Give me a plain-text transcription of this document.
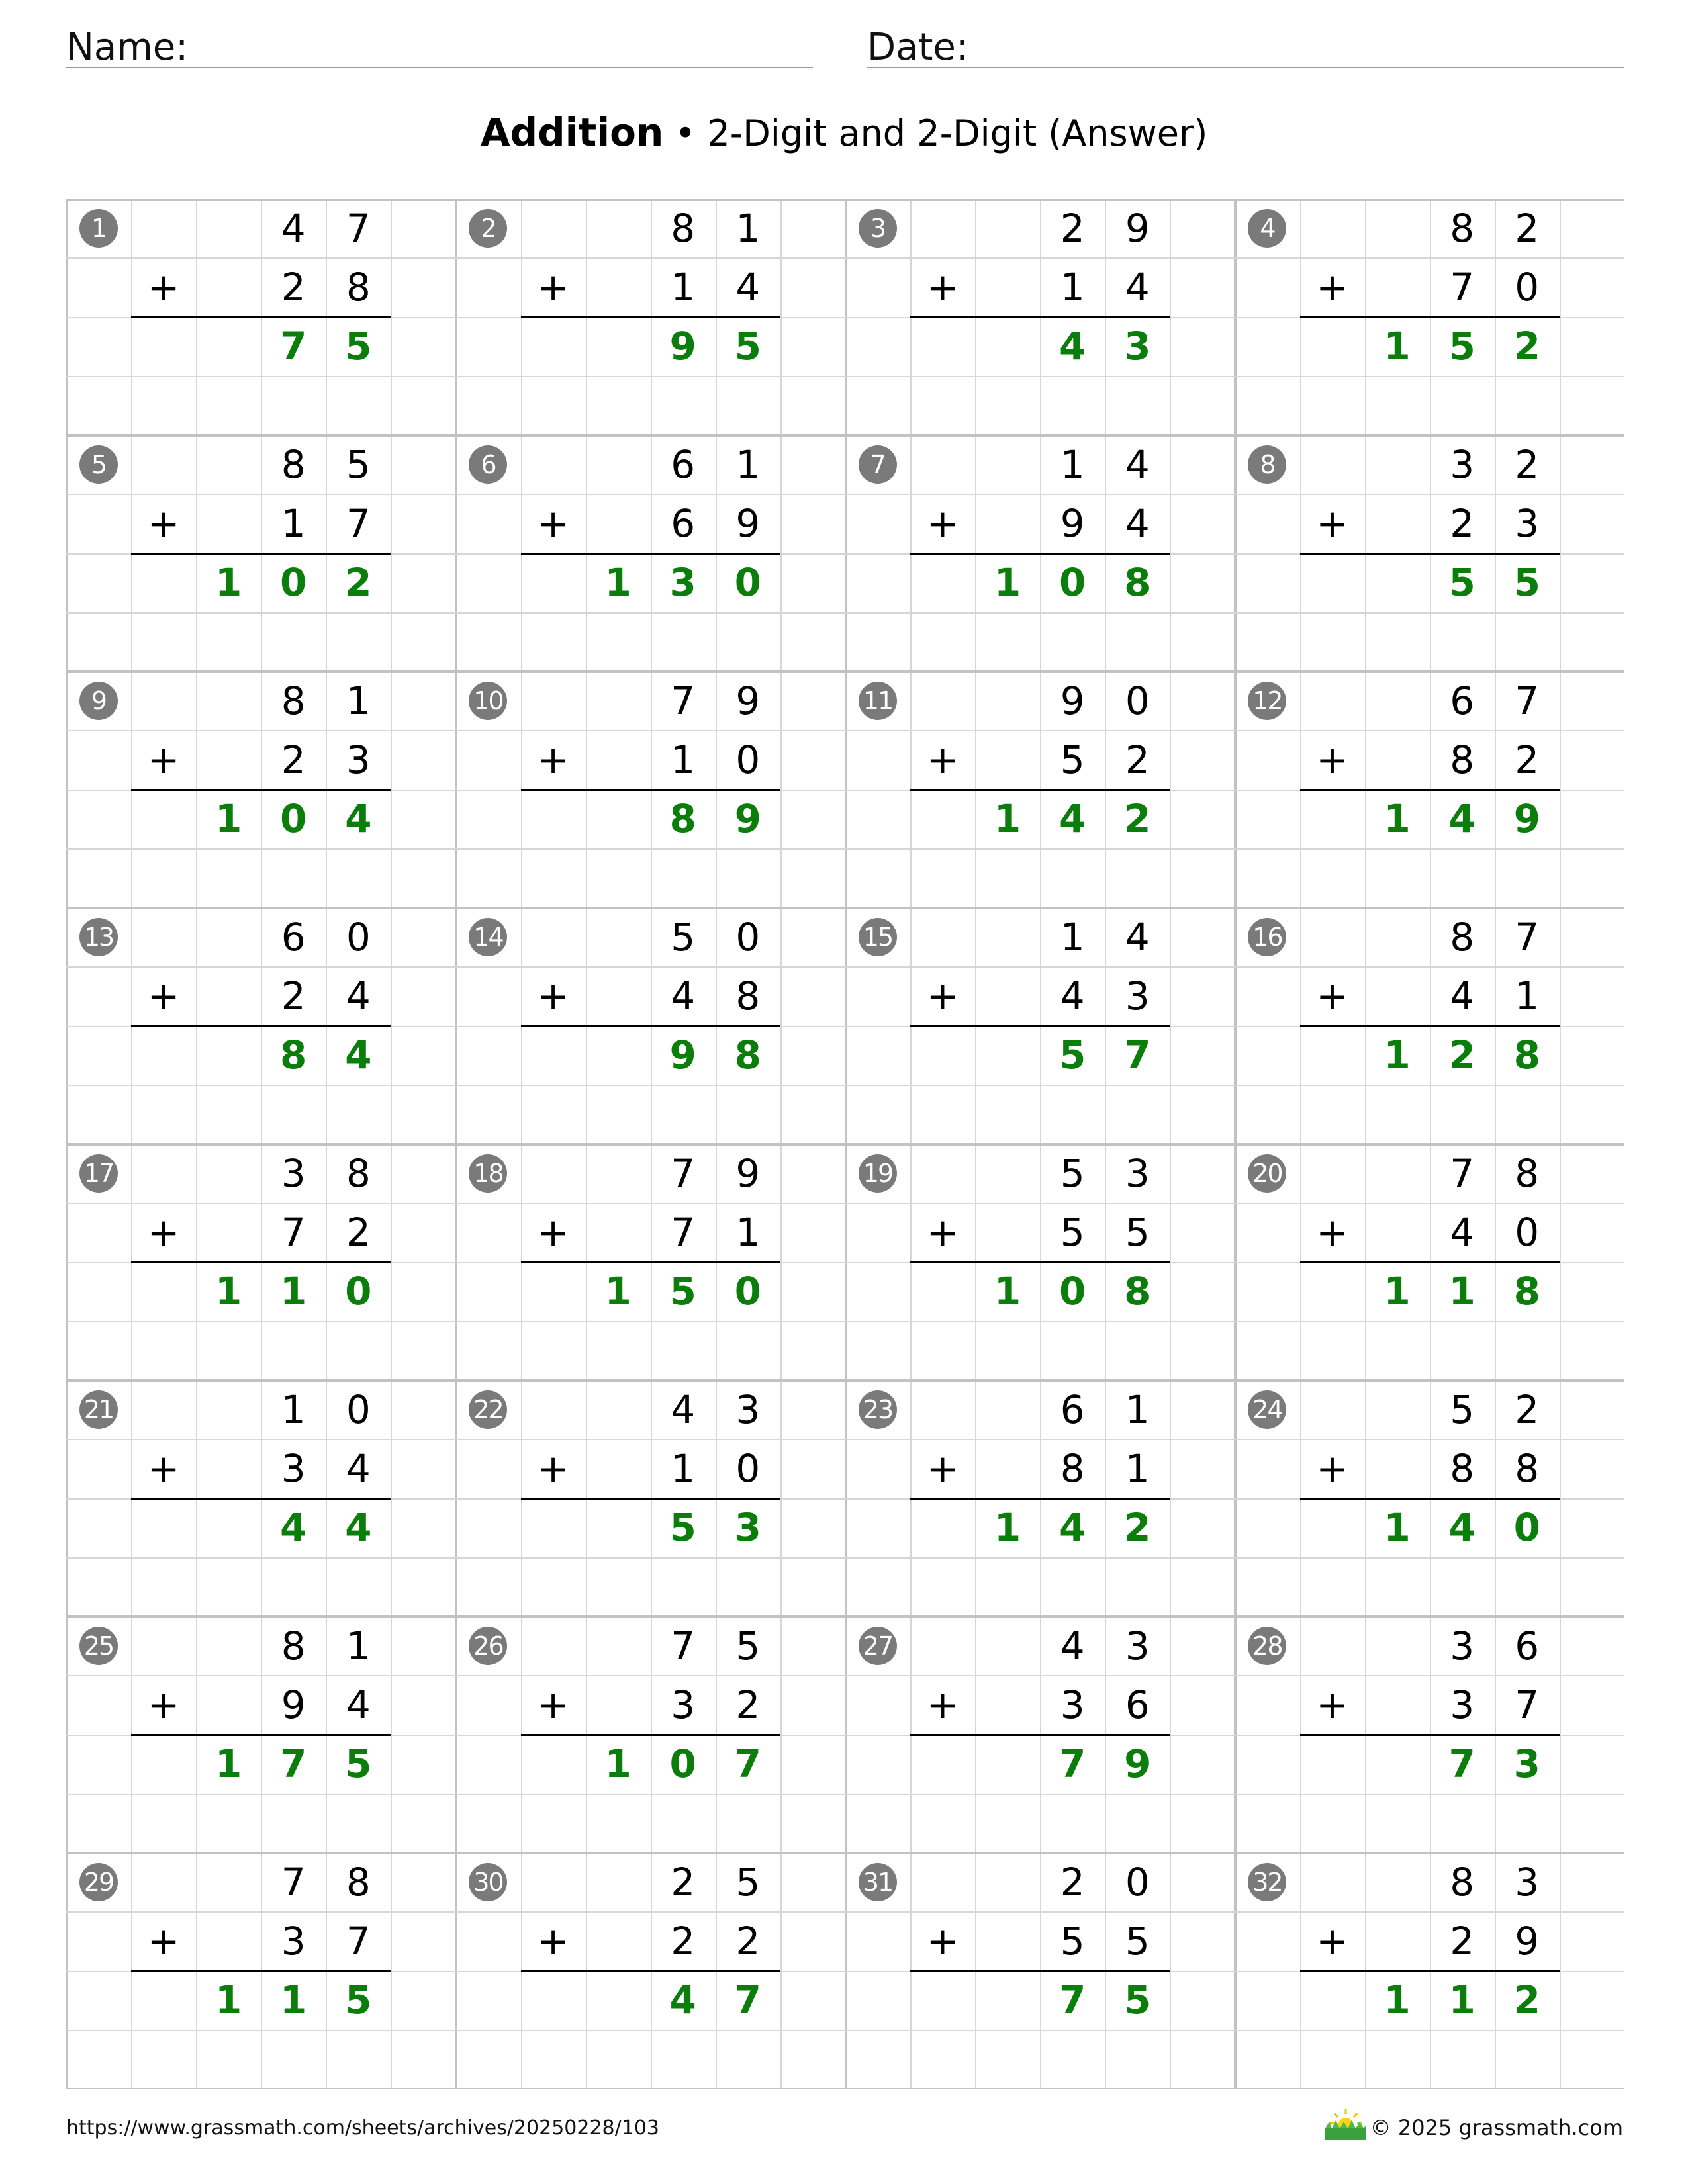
Name:	Date:
Addition • 2-Digit and 2-Digit (Answer)
1	4	7
+	2	8
7 5
2	8	1
+	1	4
9 5
3	2	9
+	1	4
4 3
4	8	2
+	7	0
1 5 2
5	8	5
+	1	7
1 0 2
6	6	1
+	6	9
1 3 0
7	1	4
+	9	4
1 0 8
8	3	2
+	2	3
5 5
9	8	1
+	2	3
1 0 4
10	7	9
+	1	0
8 9
11	9	0
+	5	2
1 4 2
12	6	7
+	8	2
1 4 9
13	6	0
+	2	4
8 4
14	5	0
+	4	8
9 8
15	1	4
+	4	3
5 7
16	8	7
+	4	1
1 2 8
17	3	8
+	7	2
1 1 0
18	7	9
+	7	1
1 5 0
19	5	3
+	5	5
1 0 8
20	7	8
+	4	0
1 1 8
21	1	0
+	3	4
4 4
22	4	3
+	1	0
5 3
23	6	1
+	8	1
1 4 2
24	5	2
+	8	8
1 4 0
25	8	1
+	9	4
1 7 5
26	7	5
+	3	2
1 0 7
27	4	3
+	3	6
7 9
28	3	6
+	3	7
7 3
29	7	8
+	3	7
1 1 5
30	2	5
+	2	2
4 7
31	2	0
+	5	5
7 5
32	8	3
+	2	9
1 1 2
https://www.grassmath.com/sheets/archives/20250228/103	© 2025 grassmath.com
